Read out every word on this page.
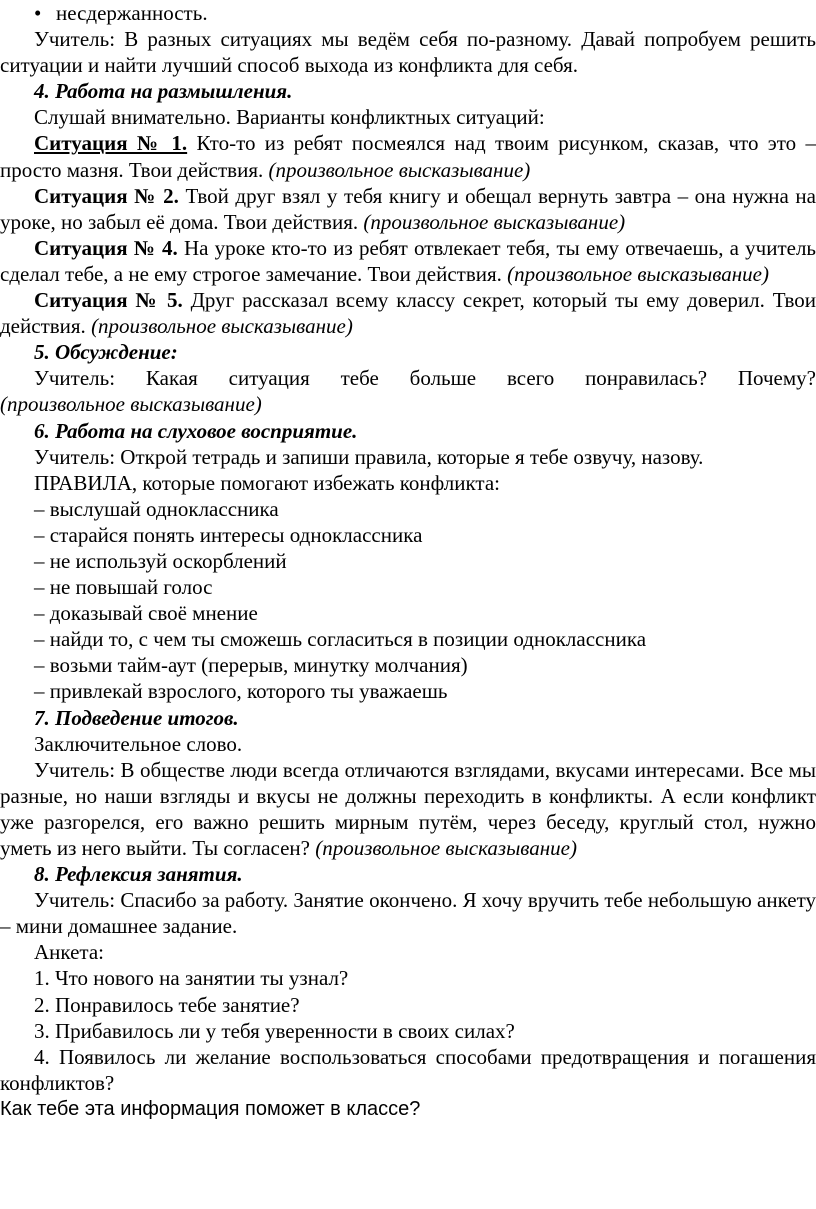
• несдержанность.

Учитель: В разных ситуациях мы ведём себя по-разному. Давай попробуем решить ситуации и найти лучший способ выхода из конфликта для себя.

4. Работа на размышления.

Слушай внимательно. Варианты конфликтных ситуаций:

Ситуация № 1. Кто-то из ребят посмеялся над твоим рисунком, сказав, что это – просто мазня. Твои действия. (произвольное высказывание)

Ситуация № 2. Твой друг взял у тебя книгу и обещал вернуть завтра – она нужна на уроке, но забыл её дома. Твои действия. (произвольное высказывание)

Ситуация № 4. На уроке кто-то из ребят отвлекает тебя, ты ему отвечаешь, а учитель сделал тебе, а не ему строгое замечание. Твои действия. (произвольное высказывание)

Ситуация № 5. Друг рассказал всему классу секрет, который ты ему доверил. Твои действия. (произвольное высказывание)

5. Обсуждение:

Учитель: Какая ситуация тебе больше всего понравилась? Почему?

(произвольное высказывание)

6. Работа на слуховое восприятие.

Учитель: Открой тетрадь и запиши правила, которые я тебе озвучу, назову.

ПРАВИЛА, которые помогают избежать конфликта:

– выслушай одноклассника

– старайся понять интересы одноклассника

– не используй оскорблений

– не повышай голос

– доказывай своё мнение

– найди то, с чем ты сможешь согласиться в позиции одноклассника

– возьми тайм-аут (перерыв, минутку молчания)

– привлекай взрослого, которого ты уважаешь

7. Подведение итогов.

Заключительное слово.

Учитель: В обществе люди всегда отличаются взглядами, вкусами интересами. Все мы разные, но наши взгляды и вкусы не должны переходить в конфликты. А если конфликт уже разгорелся, его важно решить мирным путём, через беседу, круглый стол, нужно уметь из него выйти. Ты согласен? (произвольное высказывание)

8. Рефлексия занятия.

Учитель: Спасибо за работу. Занятие окончено. Я хочу вручить тебе небольшую анкету – мини домашнее задание.

Анкета:

1. Что нового на занятии ты узнал?

2. Понравилось тебе занятие?

3. Прибавилось ли у тебя уверенности в своих силах?

4. Появилось ли желание воспользоваться способами предотвращения и погашения конфликтов?

Как тебе эта информация поможет в классе?
